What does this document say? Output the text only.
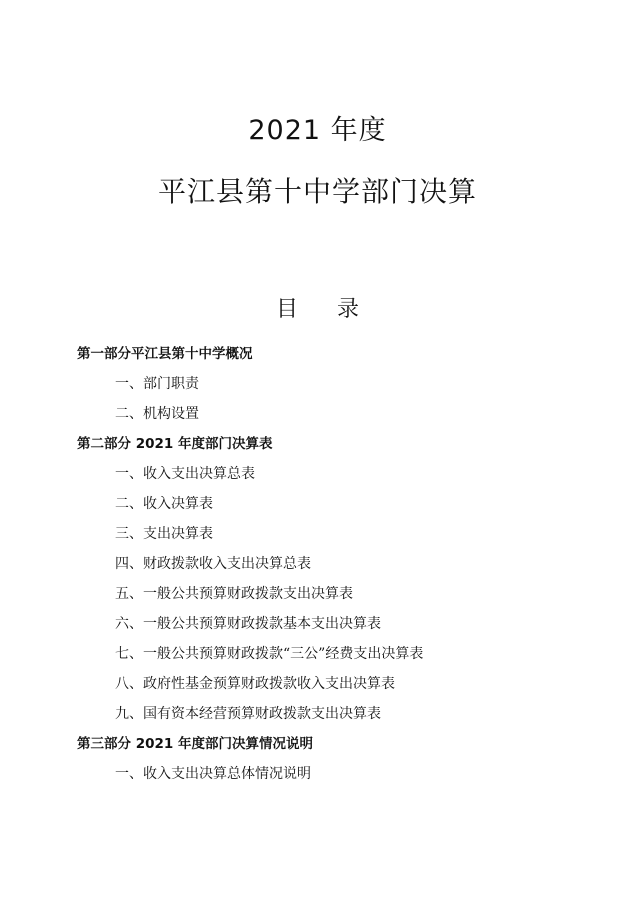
2021 年度
平江县第十中学部门决算
目 录
第一部分平江县第十中学概况
一、部门职责
二、机构设置
第二部分 2021 年度部门决算表
一、收入支出决算总表
二、收入决算表
三、支出决算表
四、财政拨款收入支出决算总表
五、一般公共预算财政拨款支出决算表
六、一般公共预算财政拨款基本支出决算表
七、一般公共预算财政拨款“三公”经费支出决算表
八、政府性基金预算财政拨款收入支出决算表
九、国有资本经营预算财政拨款支出决算表
第三部分 2021 年度部门决算情况说明
一、收入支出决算总体情况说明
